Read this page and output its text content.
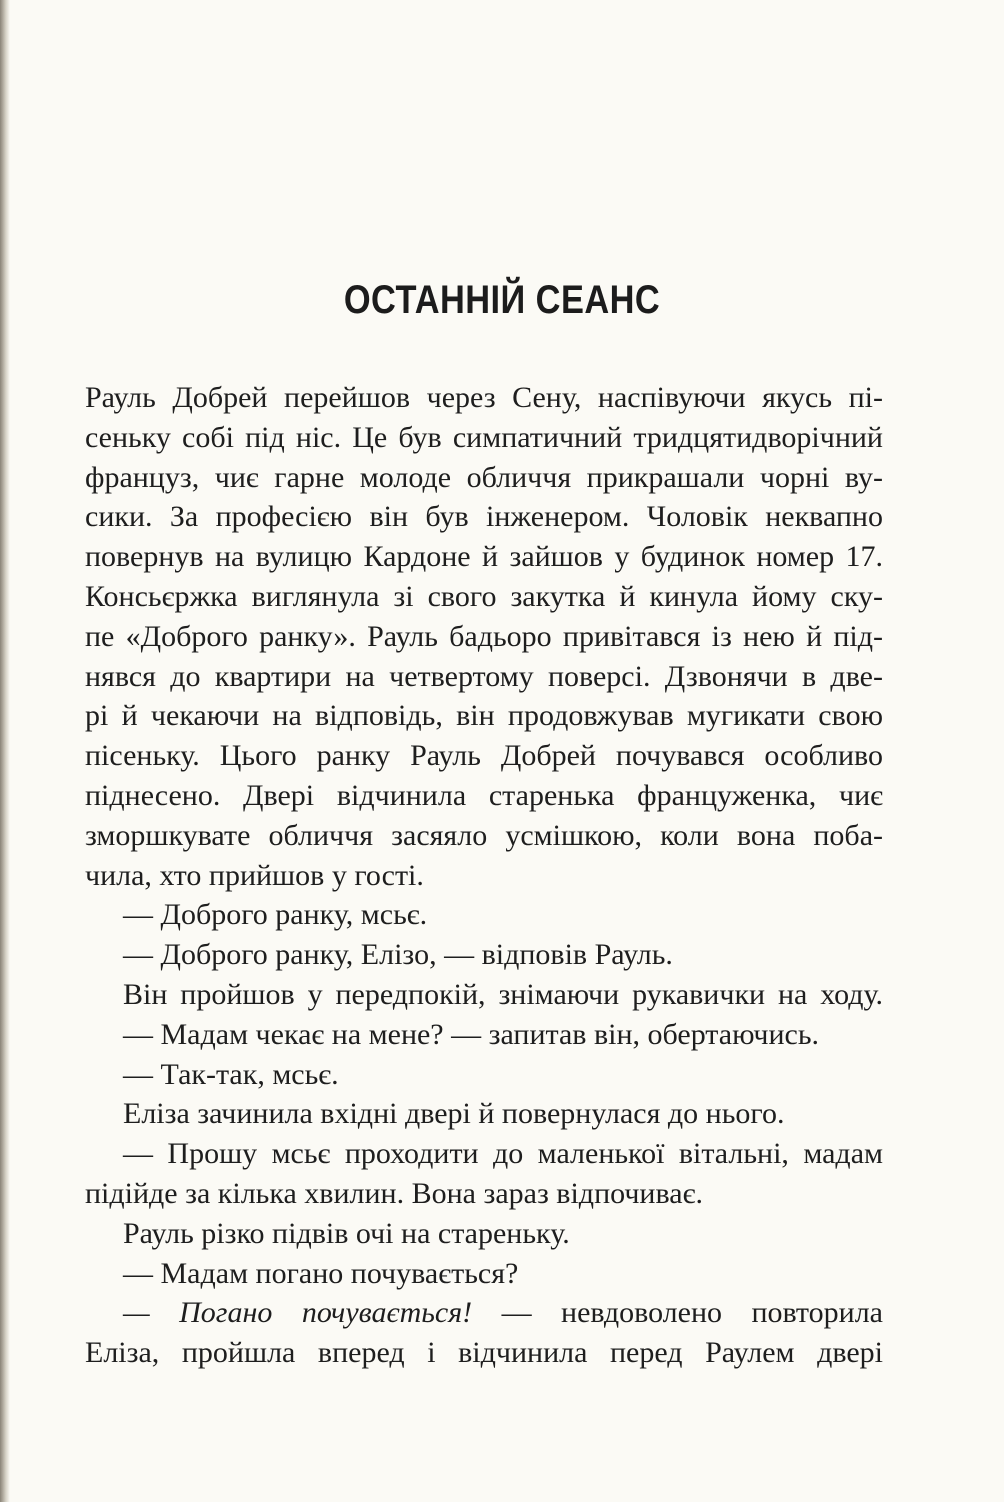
ОСТАННІЙ СЕАНС
Рауль Добрей перейшов через Сену, наспівуючи якусь пі-
сеньку собі під ніс. Це був симпатичний тридцятидворічний
француз, чиє гарне молоде обличчя прикрашали чорні ву-
сики. За професією він був інженером. Чоловік неквапно
повернув на вулицю Кардоне й зайшов у будинок номер 17.
Консьєржка виглянула зі свого закутка й кинула йому ску-
пе «Доброго ранку». Рауль бадьоро привітався із нею й під-
нявся до квартири на четвертому поверсі. Дзвонячи в две-
рі й чекаючи на відповідь, він продовжував мугикати свою
пісеньку. Цього ранку Рауль Добрей почувався особливо
піднесено. Двері відчинила старенька француженка, чиє
зморшкувате обличчя засяяло усмішкою, коли вона поба-
чила, хто прийшов у гості.
— Доброго ранку, мсьє.
— Доброго ранку, Елізо, — відповів Рауль.
Він пройшов у передпокій, знімаючи рукавички на ходу.
— Мадам чекає на мене? — запитав він, обертаючись.
— Так-так, мсьє.
Еліза зачинила вхідні двері й повернулася до нього.
— Прошу мсьє проходити до маленької вітальні, мадам
підійде за кілька хвилин. Вона зараз відпочиває.
Рауль різко підвів очі на стареньку.
— Мадам погано почувається?
— Погано почувається! — невдоволено повторила
Еліза, пройшла вперед і відчинила перед Раулем двері
